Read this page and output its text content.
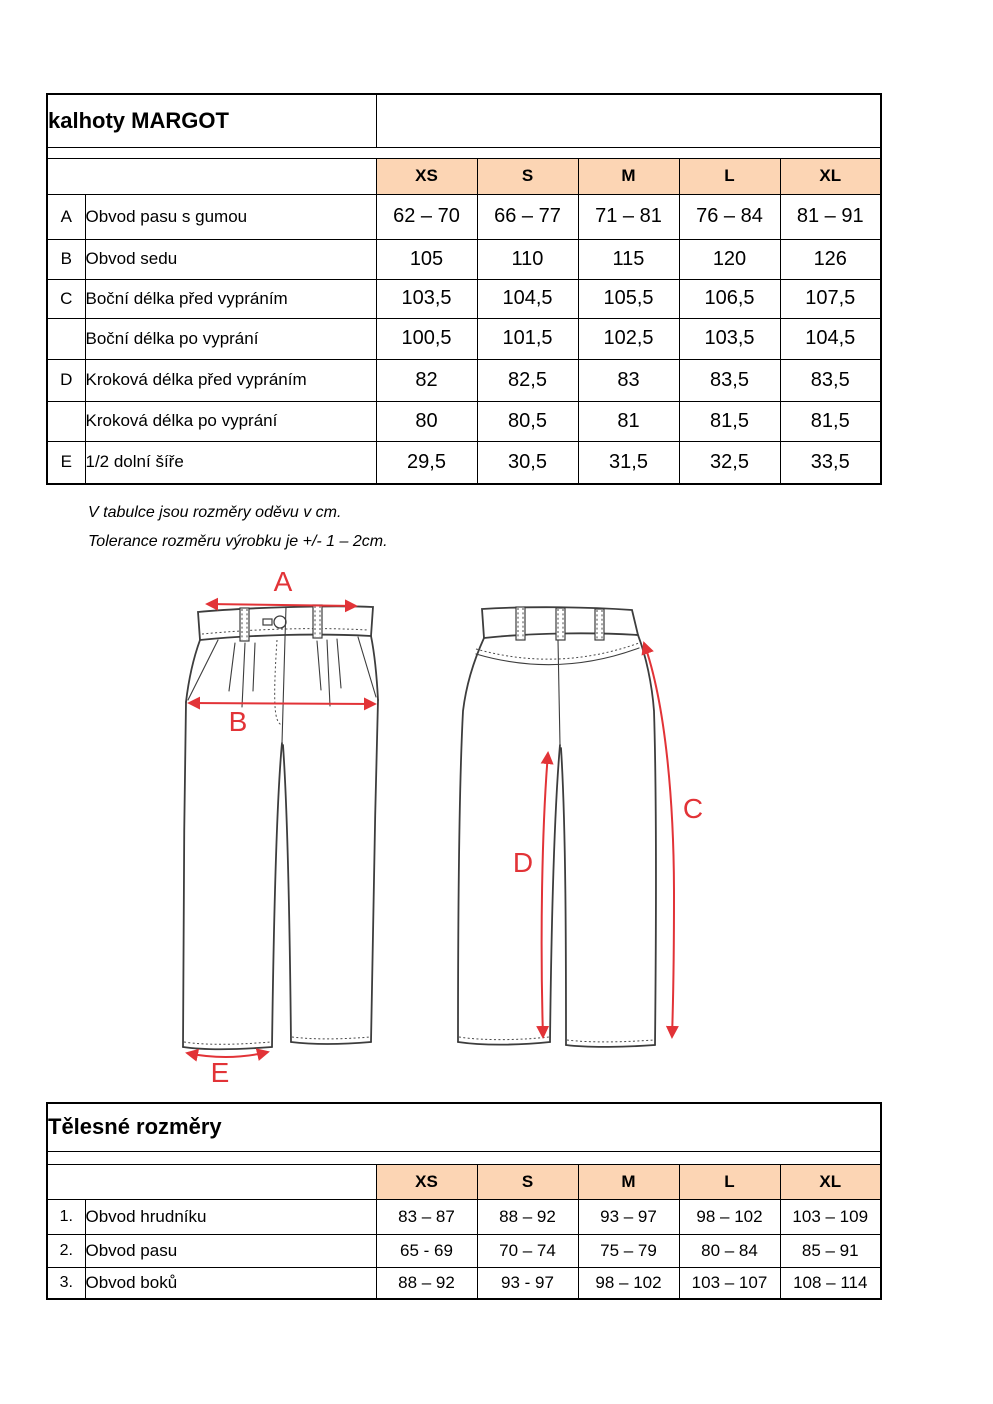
kalhoty MARGOT						

		XS	S	M	L	XL
A	Obvod pasu s gumou	62 – 70	66 – 77	71 – 81	76 – 84	81 – 91
B	Obvod sedu	105	110	115	120	126
C	Boční délka před vypráním	103,5	104,5	105,5	106,5	107,5
	Boční délka po vyprání	100,5	101,5	102,5	103,5	104,5
D	Kroková délka před vypráním	82	82,5	83	83,5	83,5
	Kroková délka po vyprání	80	80,5	81	81,5	81,5
E	1/2 dolní šíře	29,5	30,5	31,5	32,5	33,5
V tabulce jsou rozměry oděvu v cm.
Tolerance rozměru výrobku je +/- 1 – 2cm.
A
B
C
D
E
Tělesné rozměry						

		XS	S	M	L	XL
1.	Obvod hrudníku	83 – 87	88 – 92	93 – 97	98 – 102	103 – 109
2.	Obvod pasu	65 - 69	70 – 74	75 – 79	80 – 84	85 – 91
3.	Obvod boků	88 – 92	93 - 97	98 – 102	103 – 107	108 – 114
